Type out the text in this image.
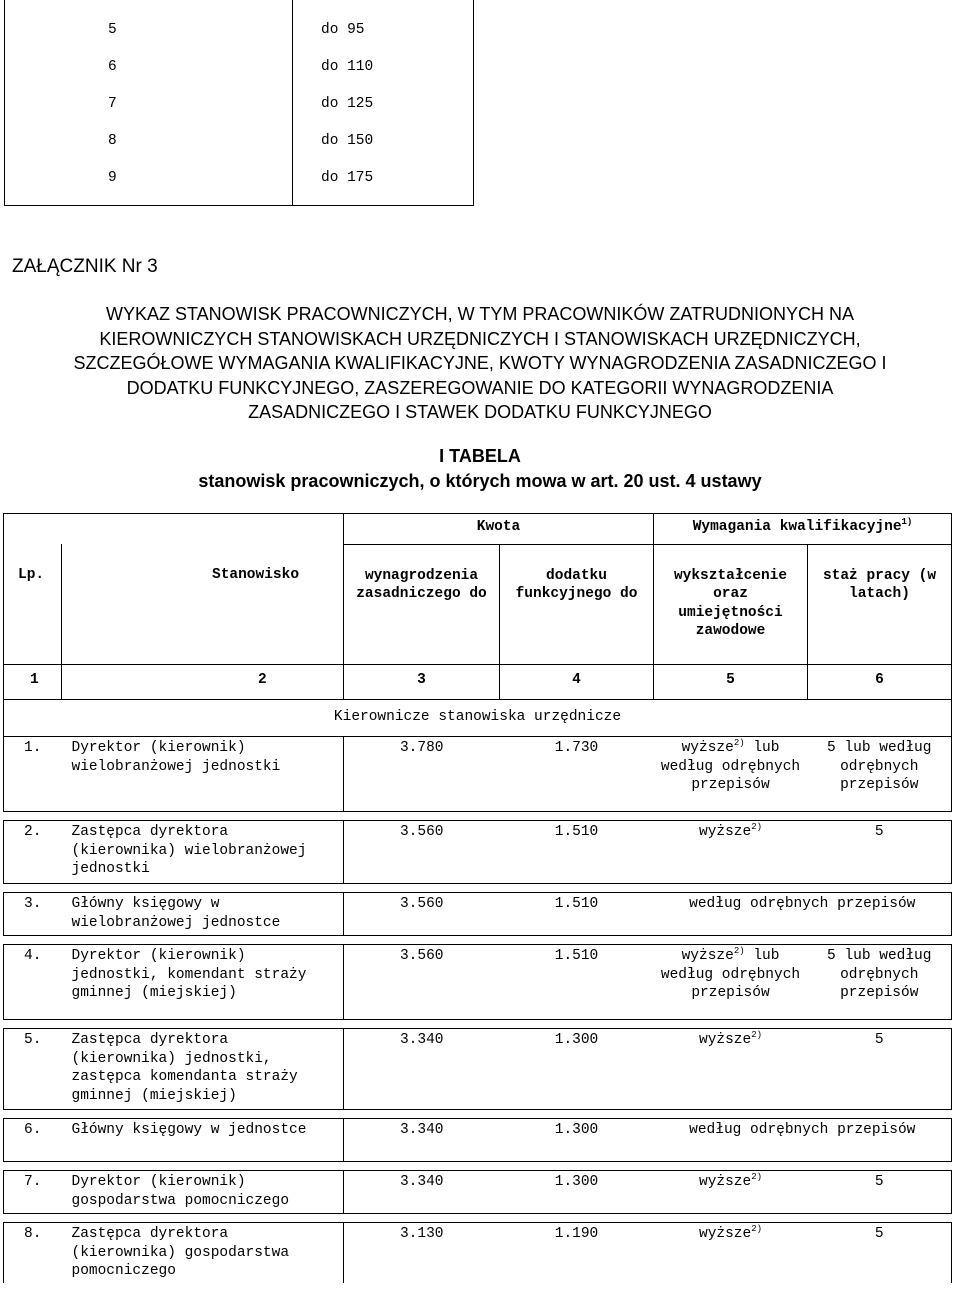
5	do 95
6	do 110
7	do 125
8	do 150
9	do 175
ZAŁĄCZNIK Nr 3
WYKAZ STANOWISK PRACOWNICZYCH, W TYM PRACOWNIKÓW ZATRUDNIONYCH NA
KIEROWNICZYCH STANOWISKACH URZĘDNICZYCH I STANOWISKACH URZĘDNICZYCH,
SZCZEGÓŁOWE WYMAGANIA KWALIFIKACYJNE, KWOTY WYNAGRODZENIA ZASADNICZEGO I
DODATKU FUNKCYJNEGO, ZASZEREGOWANIE DO KATEGORII WYNAGRODZENIA
ZASADNICZEGO I STAWEK DODATKU FUNKCYJNEGO
I TABELA
stanowisk pracowniczych, o których mowa w art. 20 ust. 4 ustawy
		Kwota		Wymagania kwalifikacyjne$^{1)}$
Lp.	Stanowisko	wynagrodzenia zasadniczego do	dodatku funkcyjnego do	wykształcenie oraz umiejętności zawodowe	staż pracy (w latach)
1	2	3	4	5	6
Kierownicze stanowiska urzędnicze					
1.	Dyrektor (kierownik) wielobranżowej jednostki	3.780	1.730	wyższe$^{2)}$ lub według odrębnych przepisów	5 lub według odrębnych przepisów

2.	Zastępca dyrektora (kierownika) wielobranżowej jednostki	3.560	1.510	wyższe$^{2)}$	5

3.	Główny księgowy w wielobranżowej jednostce	3.560	1.510	według odrębnych przepisów	

4.	Dyrektor (kierownik) jednostki, komendant straży gminnej (miejskiej)	3.560	1.510	wyższe$^{2)}$ lub według odrębnych przepisów	5 lub według odrębnych przepisów

5.	Zastępca dyrektora (kierownika) jednostki, zastępca komendanta straży gminnej (miejskiej)	3.340	1.300	wyższe$^{2)}$	5

6.	Główny księgowy w jednostce	3.340	1.300	według odrębnych przepisów	

7.	Dyrektor (kierownik) gospodarstwa pomocniczego	3.340	1.300	wyższe$^{2)}$	5

8.	Zastępca dyrektora (kierownika) gospodarstwa pomocniczego	3.130	1.190	wyższe$^{2)}$	5
